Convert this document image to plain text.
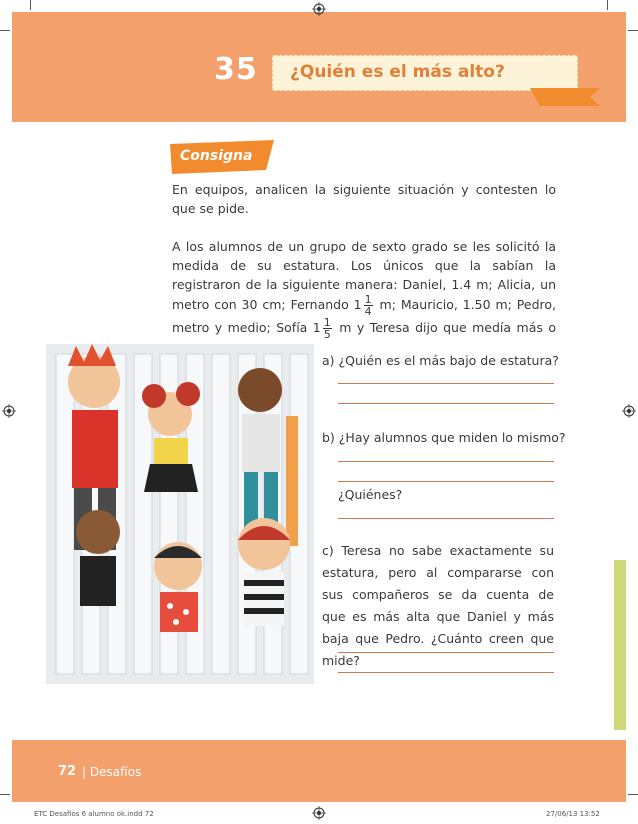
35 ¿Quién es el más alto?
Consigna
En equipos, analicen la siguiente situación y contesten lo que se pide.
A los alumnos de un grupo de sexto grado se les solicitó la medida de su estatura. Los únicos que la sabían la registraron de la siguiente manera: Daniel, 1.4 m; Alicia, un metro con 30 cm; Fernando $1 \frac{1}{4} m$; Mauricio, 1.50 m; Pedro, metro y medio; Sofía $1 \frac{1}{5}$ m y Teresa dijo que medía más o
a) ¿Quién es el más bajo de estatura?
b) ¿Hay alumnos que miden lo mismo?
¿Quiénes?
c) Teresa no sabe exactamente su estatura, pero al compararse con sus compañeros se da cuenta de que es más alta que Daniel y más baja que Pedro. ¿Cuánto creen que mide?
72 | Desafíos
ETC Desafios 6 alumno ok.indd 72	27/06/13 13:52
